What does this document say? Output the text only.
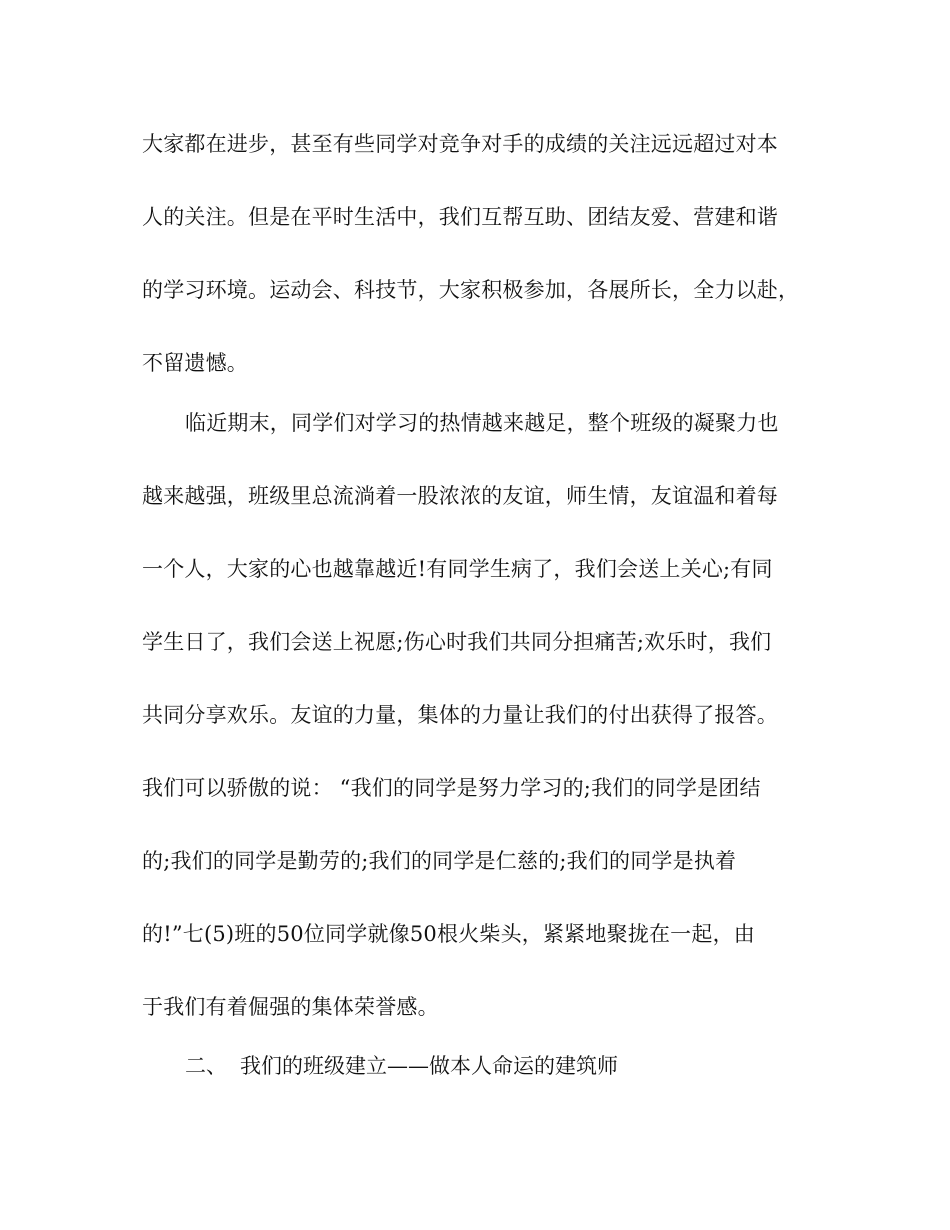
大家都在进步，甚至有些同学对竞争对手的成绩的关注远远超过对本
人的关注。但是在平时生活中，我们互帮互助、团结友爱、营建和谐
的学习环境。运动会、科技节，大家积极参加，各展所长，全力以赴，
不留遗憾。
临近期末，同学们对学习的热情越来越足，整个班级的凝聚力也
越来越强，班级里总流淌着一股浓浓的友谊，师生情，友谊温和着每
一个人，大家的心也越靠越近!有同学生病了，我们会送上关心;有同
学生日了，我们会送上祝愿;伤心时我们共同分担痛苦;欢乐时，我们
共同分享欢乐。友谊的力量，集体的力量让我们的付出获得了报答。
我们可以骄傲的说： “我们的同学是努力学习的;我们的同学是团结
的;我们的同学是勤劳的;我们的同学是仁慈的;我们的同学是执着
的!”七(5)班的50位同学就像50根火柴头，紧紧地聚拢在一起，由
于我们有着倔强的集体荣誉感。
二、 我们的班级建立——做本人命运的建筑师
